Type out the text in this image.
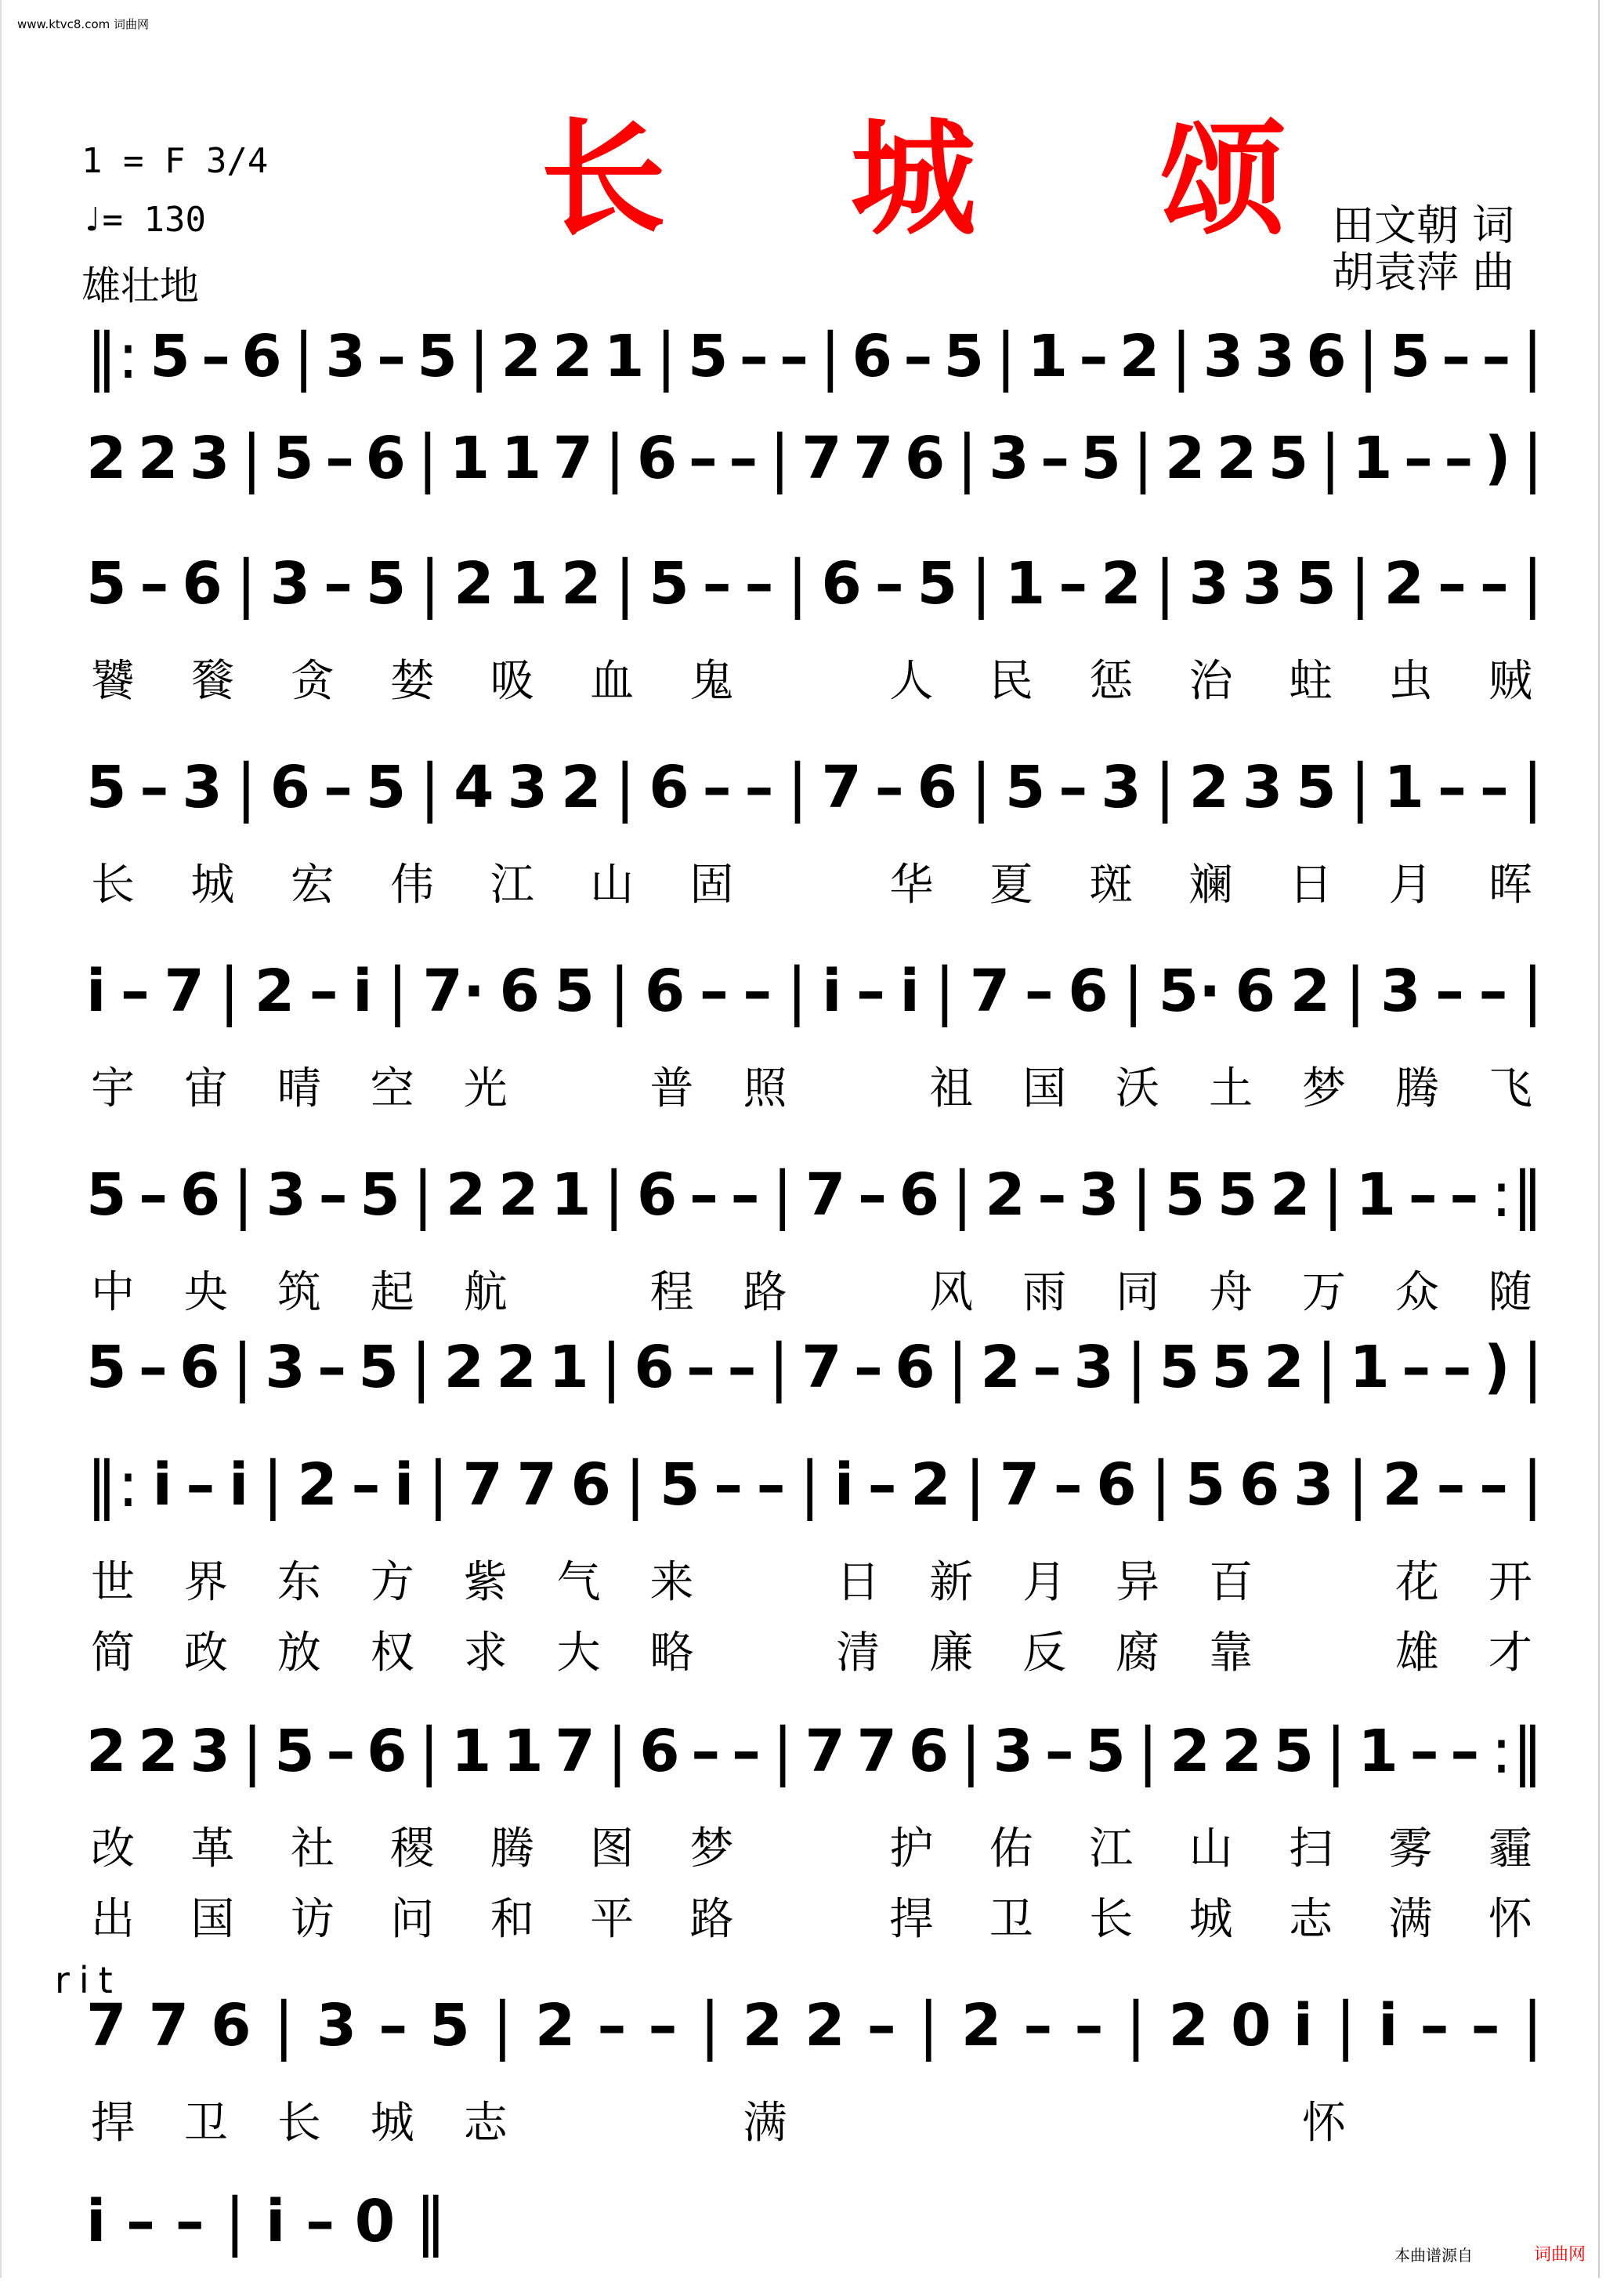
www.ktvc8.com 词曲网
长 城 颂
1 = F 3/4
♩= 130
雄壮地
田文朝 词
胡袁萍 曲
rit
‖: 5 – 6 | 3 – 5 | 2 2 1 | 5 – – | 6 – 5 | 1 – 2 | 3 3 6 | 5 – – |
2 2 3 | 5 – 6 | 1 1 7 | 6 – – | 7 7 6 | 3 – 5 | 2 2 5 | 1 – – ) |
5 – 6 | 3 – 5 | 2 1 2 | 5 – – | 6 – 5 | 1 – 2 | 3 3 5 | 2 – – |
饕 餮 贪 婪 吸 血 鬼	人 民 惩 治 蛀 虫 贼
5 – 3 | 6 – 5 | 4 3 2 | 6 – – | 7 – 6 | 5 – 3 | 2 3 5 | 1 – – |
长 城 宏 伟 江 山 固	华 夏 斑 斓 日 月 晖
i – 7 | 2 – i | 7· 6 5 | 6 – – | i – i | 7 – 6 | 5· 6 2 | 3 – – |
宇 宙 晴 空 光	普 照	祖 国 沃 土 梦 腾 飞
5 – 6 | 3 – 5 | 2 2 1 | 6 – – | 7 – 6 | 2 – 3 | 5 5 2 | 1 – – :‖
中 央 筑 起 航	程 路	风 雨 同 舟 万 众 随
5 – 6 | 3 – 5 | 2 2 1 | 6 – – | 7 – 6 | 2 – 3 | 5 5 2 | 1 – – ) |
‖: i – i | 2 – i | 7 7 6 | 5 – – | i – 2 | 7 – 6 | 5 6 3 | 2 – – |
世 界 东 方 紫 气 来	日 新 月 异 百	花 开
简 政 放 权 求 大 略	清 廉 反 腐 靠	雄 才
2 2 3 | 5 – 6 | 1 1 7 | 6 – – | 7 7 6 | 3 – 5 | 2 2 5 | 1 – – :‖
改 革 社 稷 腾 图 梦	护 佑 江 山 扫 雾 霾
出 国 访 问 和 平 路	捍 卫 长 城 志 满 怀
7 7 6 | 3 – 5 | 2 – – | 2 2 – | 2 – – | 2 0 i | i – – |
捍 卫 长 城 志	满	怀
i – – | i – 0 ‖	本曲谱源自	词曲网
